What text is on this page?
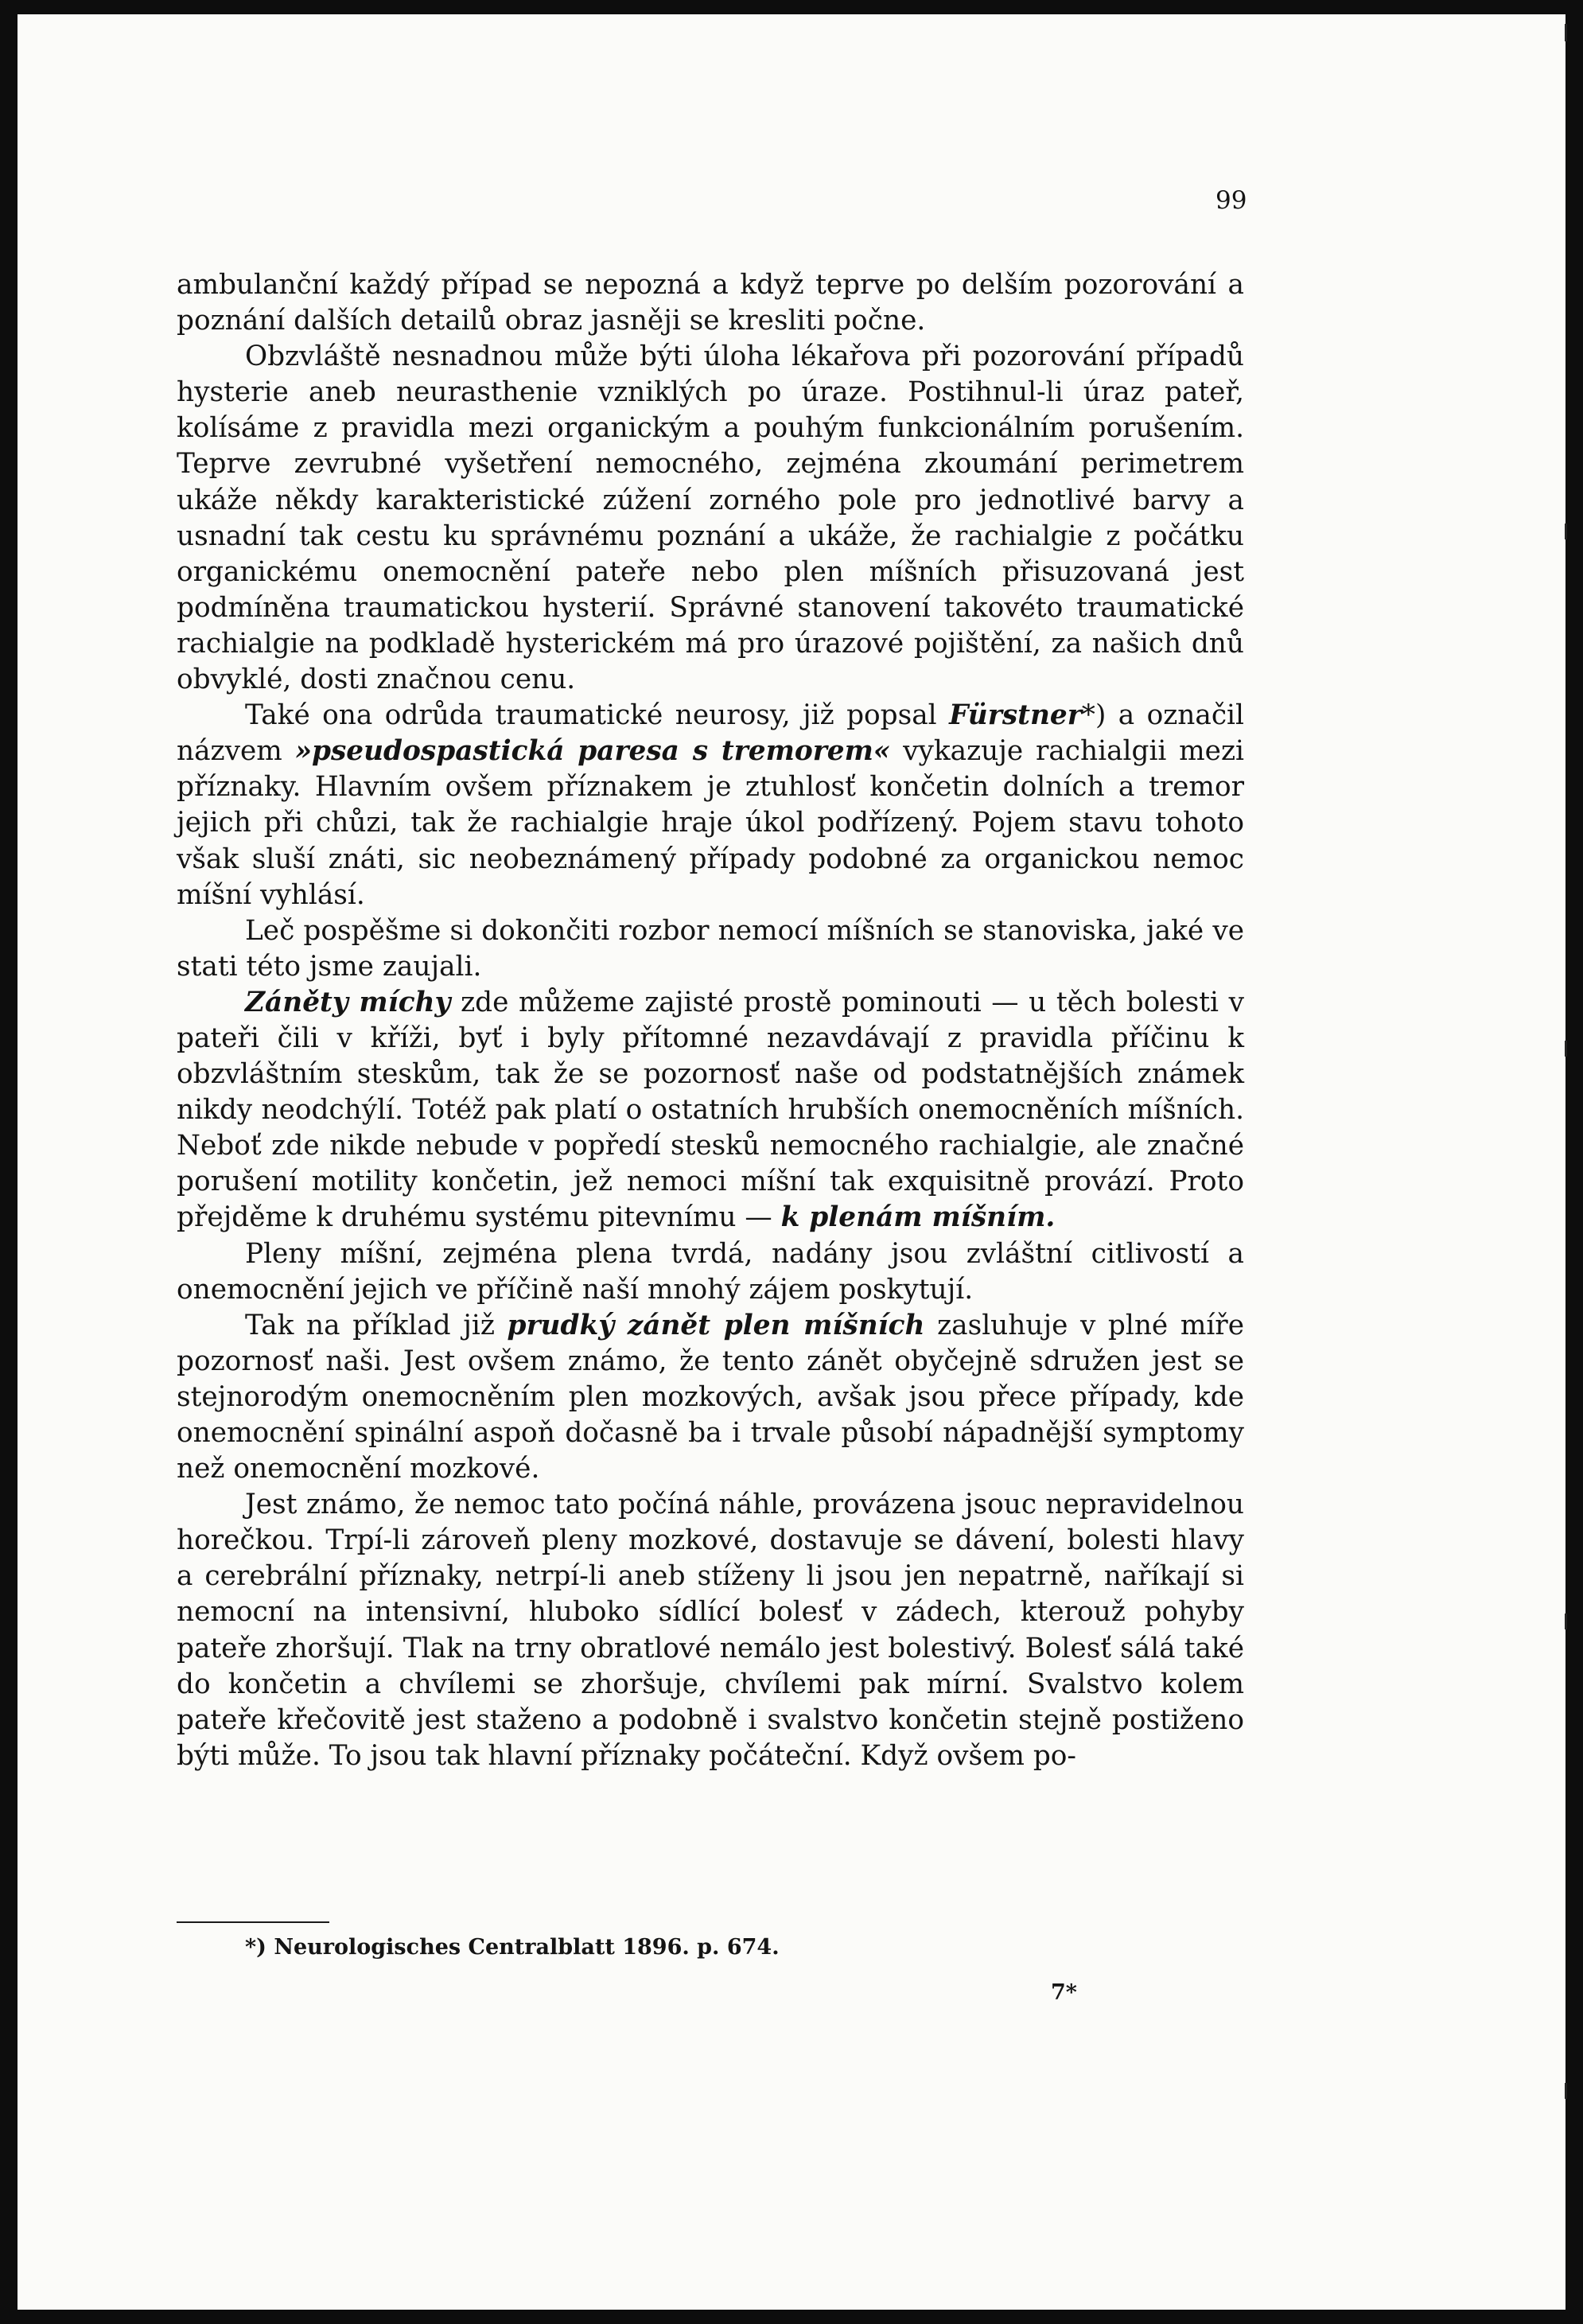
99

ambulanční každý případ se nepozná a když teprve po delším pozorování a poznání dalších detailů obraz jasněji se kresliti počne.

Obzvláště nesnadnou může býti úloha lékařova při pozorování případů hysterie aneb neurasthenie vzniklých po úraze. Postihnul-li úraz pateř, kolísáme z pravidla mezi organickým a pouhým funkcionálním porušením. Teprve zevrubné vyšetření nemocného, zejména zkoumání perimetrem ukáže někdy karakteristické zúžení zorného pole pro jednotlivé barvy a usnadní tak cestu ku správnému poznání a ukáže, že rachialgie z počátku organickému onemocnění pateře nebo plen míšních přisuzovaná jest podmíněna traumatickou hysterií. Správné stanovení takovéto traumatické rachialgie na podkladě hysterickém má pro úrazové pojištění, za našich dnů obvyklé, dosti značnou cenu.

Také ona odrůda traumatické neurosy, již popsal Fürstner*) a označil názvem »pseudospastická paresa s tremorem« vykazuje rachialgii mezi příznaky. Hlavním ovšem příznakem je ztuhlosť končetin dolních a tremor jejich při chůzi, tak že rachialgie hraje úkol podřízený. Pojem stavu tohoto však sluší znáti, sic neobeznámený případy podobné za organickou nemoc míšní vyhlásí.

Leč pospěšme si dokončiti rozbor nemocí míšních se stanoviska, jaké ve stati této jsme zaujali.

Záněty míchy zde můžeme zajisté prostě pominouti — u těch bolesti v pateři čili v kříži, byť i byly přítomné nezavdávají z pravidla příčinu k obzvláštním steskům, tak že se pozornosť naše od podstatnějších známek nikdy neodchýlí. Totéž pak platí o ostatních hrubších onemocněních míšních. Neboť zde nikde nebude v popředí stesků nemocného rachialgie, ale značné porušení motility končetin, jež nemoci míšní tak exquisitně provází. Proto přejděme k druhému systému pitevnímu — k plenám míšním.

Pleny míšní, zejména plena tvrdá, nadány jsou zvláštní citlivostí a onemocnění jejich ve příčině naší mnohý zájem poskytují.

Tak na příklad již prudký zánět plen míšních zasluhuje v plné míře pozornosť naši. Jest ovšem známo, že tento zánět obyčejně sdružen jest se stejnorodým onemocněním plen mozkových, avšak jsou přece případy, kde onemocnění spinální aspoň dočasně ba i trvale působí nápadnější symptomy než onemocnění mozkové.

Jest známo, že nemoc tato počíná náhle, provázena jsouc nepravidelnou horečkou. Trpí-li zároveň pleny mozkové, dostavuje se dávení, bolesti hlavy a cerebrální příznaky, netrpí-li aneb stíženy li jsou jen nepatrně, naříkají si nemocní na intensivní, hluboko sídlící bolesť v zádech, kterouž pohyby pateře zhoršují. Tlak na trny obratlové nemálo jest bolestivý. Bolesť sálá také do končetin a chvílemi se zhoršuje, chvílemi pak mírní. Svalstvo kolem pateře křečovitě jest staženo a podobně i svalstvo končetin stejně postiženo býti může. To jsou tak hlavní příznaky počáteční. Když ovšem po-

*) Neurologisches Centralblatt 1896. p. 674.
7*
